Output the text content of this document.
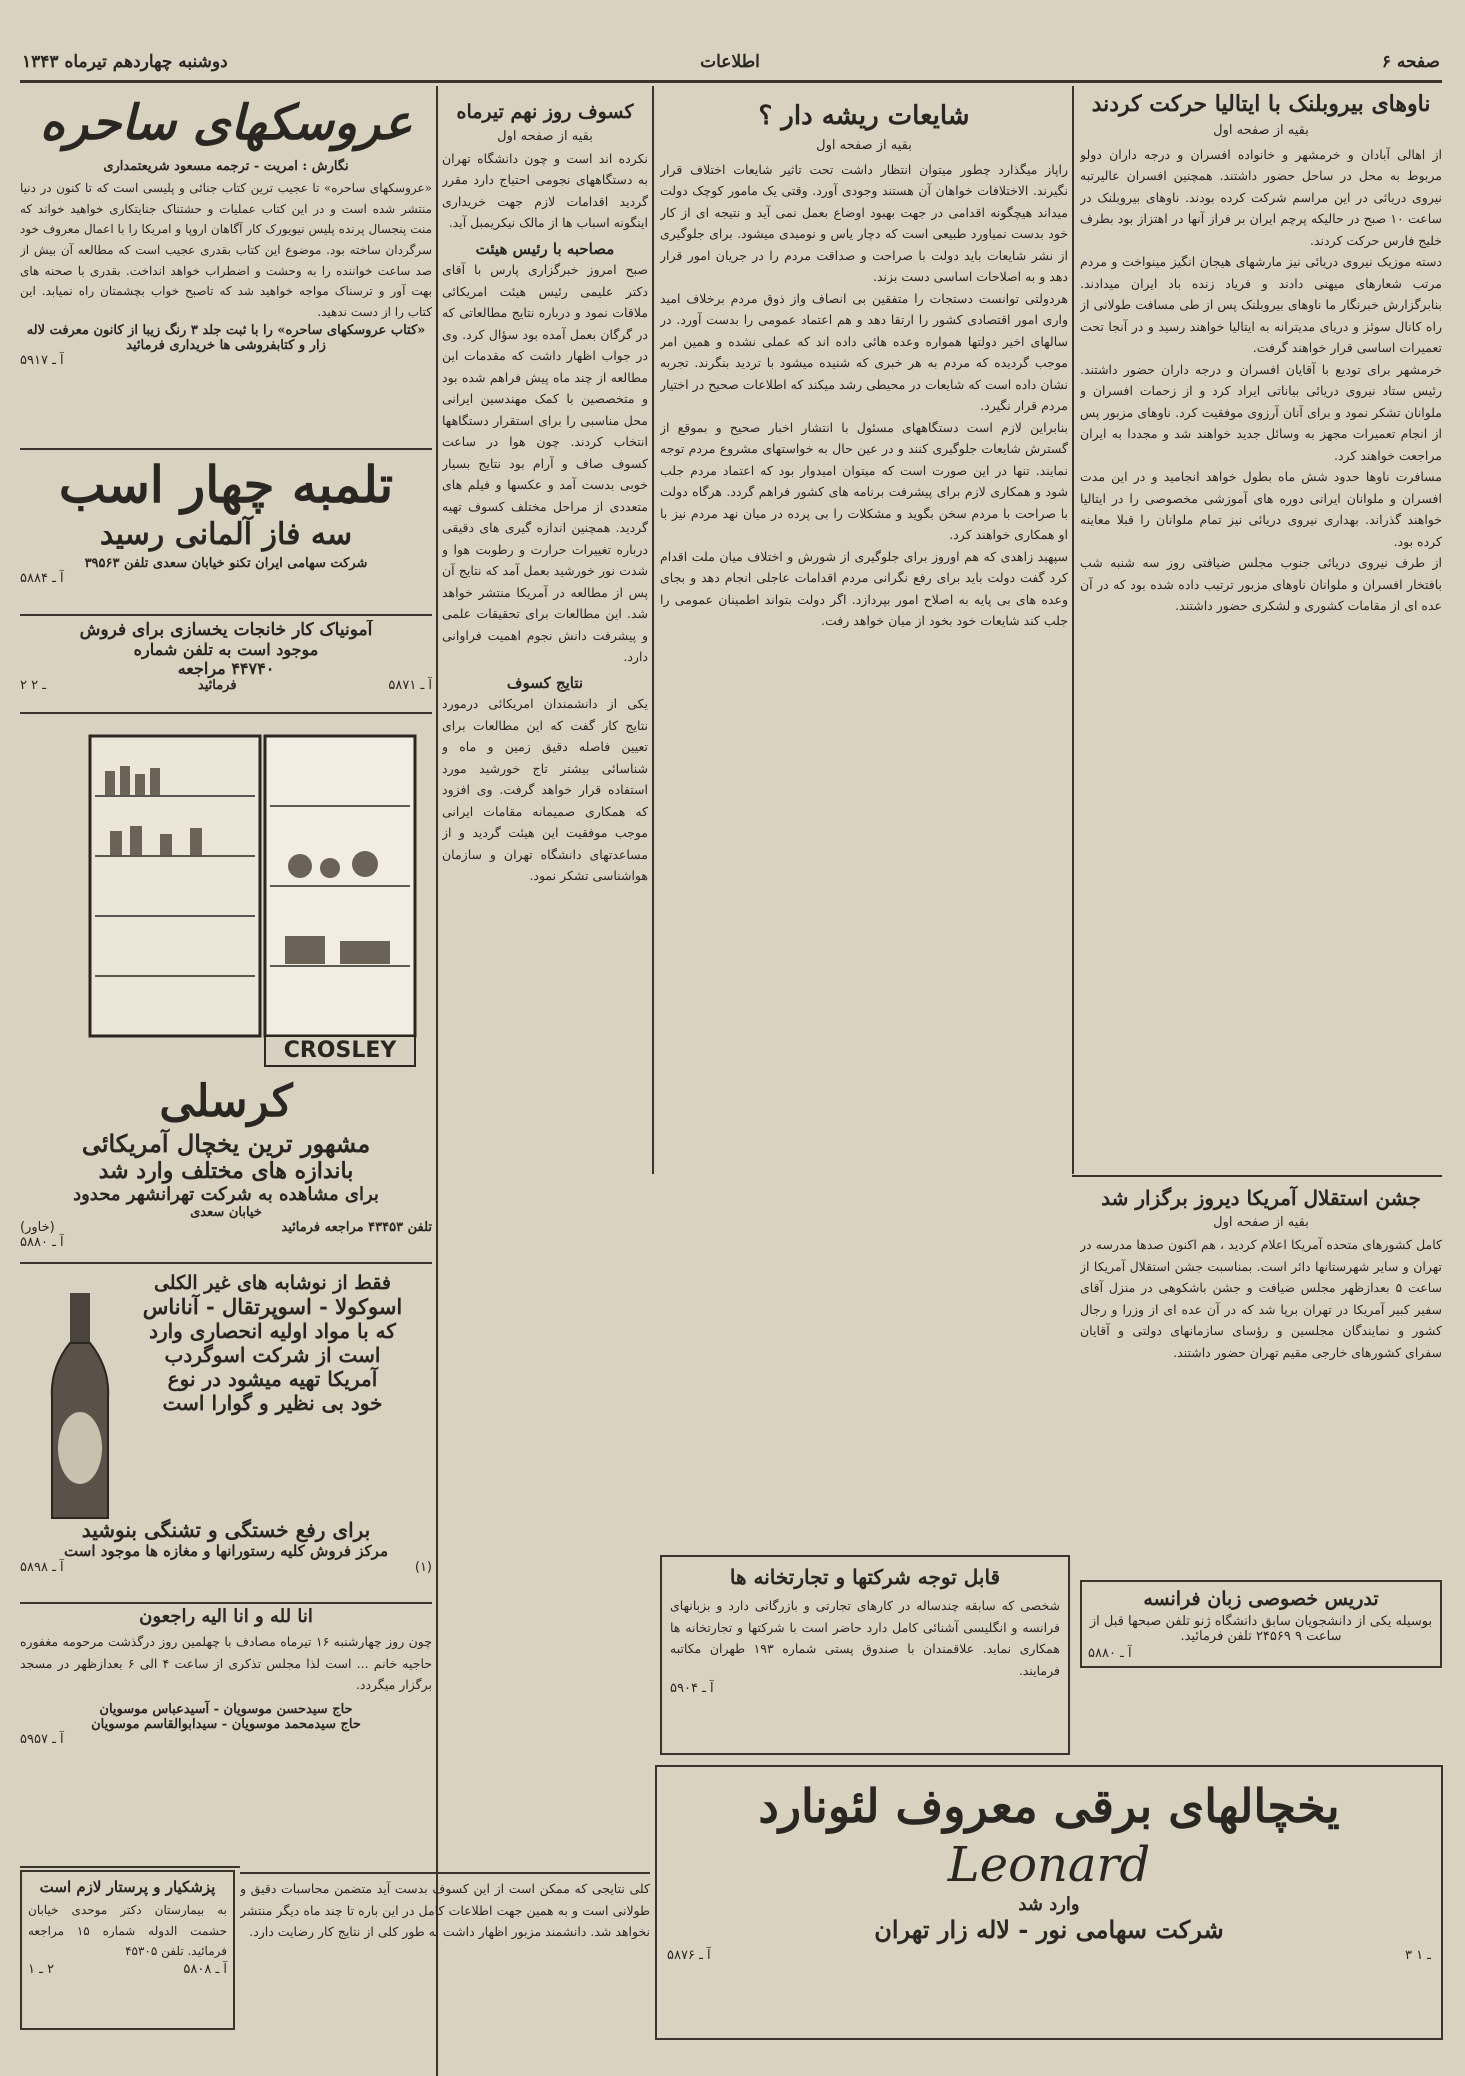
صفحه ۶
اطلاعات
دوشنبه چهاردهم تیرماه ۱۳۴۳
ناوهای بیروبلنک با ایتالیا حرکت کردند
بقیه از صفحه اول
از اهالی آبادان و خرمشهر و خانواده افسران و درجه داران دولو مربوط به محل در ساحل حضور داشتند. همچنین افسران عالیرتبه نیروی دریائی در این مراسم شرکت کرده بودند. ناوهای بیروبلنک در ساعت ۱۰ صبح در حالیکه پرچم ایران بر فراز آنها در اهتزاز بود بطرف خلیج فارس حرکت کردند.
دسته موزیک نیروی دریائی نیز مارشهای هیجان انگیز مینواخت و مردم مرتب شعارهای میهنی دادند و فریاد زنده باد ایران میدادند. بنابرگزارش خبرنگار ما ناوهای بیروبلنک پس از طی مسافت طولانی از راه کانال سوئز و دریای مدیترانه به ایتالیا خواهند رسید و در آنجا تحت تعمیرات اساسی قرار خواهند گرفت.
خرمشهر برای تودیع با آقایان افسران و درجه داران حضور داشتند. رئیس ستاد نیروی دریائی بیاناتی ایراد کرد و از زحمات افسران و ملوانان تشکر نمود و برای آنان آرزوی موفقیت کرد. ناوهای مزبور پس از انجام تعمیرات مجهز به وسائل جدید خواهند شد و مجددا به ایران مراجعت خواهند کرد.
مسافرت ناوها حدود شش ماه بطول خواهد انجامید و در این مدت افسران و ملوانان ایرانی دوره های آموزشی مخصوصی را در ایتالیا خواهند گذراند. بهداری نیروی دریائی نیز تمام ملوانان را قبلا معاینه کرده بود.
از طرف نیروی دریائی جنوب مجلس ضیافتی روز سه شنبه شب بافتخار افسران و ملوانان ناوهای مزبور ترتیب داده شده بود که در آن عده ای از مقامات کشوری و لشکری حضور داشتند.
جشن استقلال آمریکا دیروز برگزار شد
بقیه از صفحه اول
کامل کشورهای متحده آمریکا اعلام کردید ، هم اکنون صدها مدرسه در تهران و سایر شهرستانها دائر است. بمناسبت جشن استقلال آمریکا از ساعت ۵ بعدازظهر مجلس ضیافت و جشن باشکوهی در منزل آقای سفیر کبیر آمریکا در تهران برپا شد که در آن عده ای از وزرا و رجال کشور و نمایندگان مجلسین و رؤسای سازمانهای دولتی و آقایان سفرای کشورهای خارجی مقیم تهران حضور داشتند.
تدریس خصوصی زبان فرانسه
بوسیله یکی از دانشجویان سابق دانشگاه ژنو تلفن صبحها قبل از ساعت ۹ ۲۴۵۶۹ تلفن فرمائید.
آ ـ ۵۸۸۰
شایعات ریشه دار ؟
بقیه از صفحه اول
راپاز میگذارد چطور میتوان انتظار داشت تحت تاثیر شایعات اختلاف قرار نگیرند. الاختلافات خواهان آن هستند وجودی آورد. وقتی یک مامور کوچک دولت میداند هیچگونه اقدامی در جهت بهبود اوضاع بعمل نمی آید و نتیجه ای از کار خود بدست نمیاورد طبیعی است که دچار یاس و نومیدی میشود. برای جلوگیری از نشر شایعات باید دولت با صراحت و صداقت مردم را در جریان امور قرار دهد و به اصلاحات اساسی دست بزند.
هردولتی توانست دستجات را متفقین بی انصاف واز ذوق مردم برخلاف امید واری امور اقتصادی کشور را ارتقا دهد و هم اعتماد عمومی را بدست آورد. در سالهای اخیر دولتها همواره وعده هائی داده اند که عملی نشده و همین امر موجب گردیده که مردم به هر خبری که شنیده میشود با تردید بنگرند. تجربه نشان داده است که شایعات در محیطی رشد میکند که اطلاعات صحیح در اختیار مردم قرار نگیرد.
بنابراین لازم است دستگاههای مسئول با انتشار اخبار صحیح و بموقع از گسترش شایعات جلوگیری کنند و در عین حال به خواستهای مشروع مردم توجه نمایند. تنها در این صورت است که میتوان امیدوار بود که اعتماد مردم جلب شود و همکاری لازم برای پیشرفت برنامه های کشور فراهم گردد. هرگاه دولت با صراحت با مردم سخن بگوید و مشکلات را بی پرده در میان نهد مردم نیز با او همکاری خواهند کرد.
سپهبد زاهدی که هم اوروز برای جلوگیری از شورش و اختلاف میان ملت اقدام کرد گفت دولت باید برای رفع نگرانی مردم اقدامات عاجلی انجام دهد و بجای وعده های بی پایه به اصلاح امور بپردازد. اگر دولت بتواند اطمینان عمومی را جلب کند شایعات خود بخود از میان خواهد رفت.
قابل توجه شرکتها و تجارتخانه ها
شخصی که سابقه چندساله در کارهای تجارتی و بازرگانی دارد و بزبانهای فرانسه و انگلیسی آشنائی کامل دارد حاضر است با شرکتها و تجارتخانه ها همکاری نماید. علاقمندان با صندوق پستی شماره ۱۹۳ طهران مکاتبه فرمایند.
آ ـ ۵۹۰۴
کسوف روز نهم تیرماه
بقیه از صفحه اول
نکرده اند است و چون دانشگاه تهران به دستگاههای نجومی احتیاج دارد مقرر گردید اقدامات لازم جهت خریداری اینگونه اسباب ها از مالک نیکریمبل آید.
مصاحبه با رئیس هیئت
صبح امروز خبرگزاری پارس با آقای دکتر علیمی رئیس هیئت امریکائی ملاقات نمود و درباره نتایج مطالعاتی که در گرگان بعمل آمده بود سؤال کرد. وی در جواب اظهار داشت که مقدمات این مطالعه از چند ماه پیش فراهم شده بود و متخصصین با کمک مهندسین ایرانی محل مناسبی را برای استقرار دستگاهها انتخاب کردند. چون هوا در ساعت کسوف صاف و آرام بود نتایج بسیار خوبی بدست آمد و عکسها و فیلم های متعددی از مراحل مختلف کسوف تهیه گردید. همچنین اندازه گیری های دقیقی درباره تغییرات حرارت و رطوبت هوا و شدت نور خورشید بعمل آمد که نتایج آن پس از مطالعه در آمریکا منتشر خواهد شد. این مطالعات برای تحقیقات علمی و پیشرفت دانش نجوم اهمیت فراوانی دارد.
نتایج کسوف
یکی از دانشمندان امریکائی درمورد نتایج کار گفت که این مطالعات برای تعیین فاصله دقیق زمین و ماه و شناسائی بیشتر تاج خورشید مورد استفاده قرار خواهد گرفت. وی افزود که همکاری صمیمانه مقامات ایرانی موجب موفقیت این هیئت گردید و از مساعدتهای دانشگاه تهران و سازمان هواشناسی تشکر نمود.
کلی نتایجی که ممکن است از این کسوف بدست آید متضمن محاسبات دقیق و طولانی است و به همین جهت اطلاعات کامل در این باره تا چند ماه دیگر منتشر نخواهد شد. دانشمند مزبور اظهار داشت به طور کلی از نتایج کار رضایت دارد.
عروسکهای ساحره
نگارش : امریت - ترجمه مسعود شریعتمداری
«عروسکهای ساحره» تا عجیب ترین کتاب جنائی و پلیسی است که تا کنون در دنیا منتشر شده است و در این کتاب عملیات و حشتناک جنایتکاری خواهید خواند که منت پنجسال پرنده پلیس نیویورک کار آگاهان اروپا و امریکا را با اعمال معروف خود سرگردان ساخته بود. موضوع این کتاب بقدری عجیب است که مطالعه آن بیش از صد ساعت خواننده را به وحشت و اضطراب خواهد انداخت. بقدری با صحنه های بهت آور و ترسناک مواجه خواهید شد که تاصبح خواب بچشمتان راه نمیابد. این کتاب را از دست ندهید.
«کتاب عروسکهای ساحره» را با ثبت جلد ۳ رنگ زیبا از کانون معرفت لاله زار و کتابفروشی ها خریداری فرمائید
آ ـ ۵۹۱۷
تلمبه چهار اسب
سه فاز آلمانی رسید
شرکت سهامی ایران تکنو خیابان سعدی تلفن ۳۹۵۶۳
آ ـ ۵۸۸۴
آمونیاک کار خانجات یخسازی برای فروش
موجود است به تلفن شماره
۴۴۷۴۰ مراجعه
۲ ـ ۲	فرمائید	آ ـ ۵۸۷۱
CROSLEY
کرسلی
مشهور ترین یخچال آمریکائی
باندازه های مختلف وارد شد
برای مشاهده به شرکت تهرانشهر محدود
خیابان سعدی
تلفن ۴۳۴۵۳ مراجعه فرمائید
(خاور)
آ ـ ۵۸۸۰
فقط از نوشابه های غیر الکلی
اسوکولا - اسوپرتقال - آناناس
که با مواد اولیه انحصاری وارد
است از شرکت اسوگردب
آمریکا تهیه میشود در نوع
خود بی نظیر و گوارا است
برای رفع خستگی و تشنگی بنوشید
مرکز فروش کلیه رستورانها و مغازه ها موجود است
(۱)
آ ـ ۵۸۹۸
انا لله و انا الیه راجعون
چون روز چهارشنبه ۱۶ تیرماه مصادف با چهلمین روز درگذشت مرحومه مغفوره حاجیه خانم ... است لذا مجلس تذکری از ساعت ۴ الی ۶ بعدازظهر در مسجد برگزار میگردد.
حاج سیدحسن موسویان - آسیدعباس موسویان
حاج سیدمحمد موسویان - سیدابوالقاسم موسویان
آ ـ ۵۹۵۷
پزشکیار و پرستار لازم است
به بیمارستان دکتر موحدی خیابان حشمت الدوله شماره ۱۵ مراجعه فرمائید. تلفن ۴۵۳۰۵
آ ـ ۵۸۰۸
۲ ـ ۱
یخچالهای برقی معروف لئونارد
Leonard
وارد شد
شرکت سهامی نور - لاله زار تهران
آ ـ ۵۸۷۶	۳ ـ ۱
